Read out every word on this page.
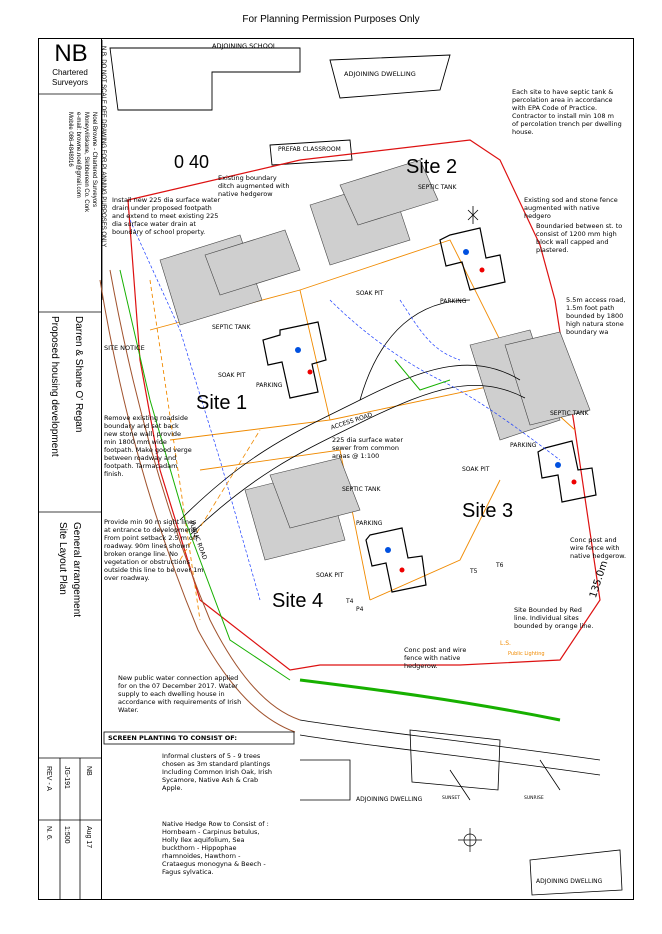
For Planning Permission Purposes Only
NB
Chartered
Surveyors	N.B. DO NOT SCALE OFF DRAWING FOR PLANNING PURPOSES ONLY
Noel Browne - Chartered Surveyors
Moneyviliskane, Skibbereen Co. Cork
e-mail: browne.noel@gmail.com
Mobile 086-4848916
Darren & Shane O' Regan
Proposed housing development
General arrangement
Site Layout Plan
NB
Aug 17
JG-191
1:500
REV - A
N. 6.
ADJOINING SCHOOL
ADJOINING DWELLING
PREFAB CLASSROOM
0 40
Site 1
Site 2
Site 3
Site 4
SEPTIC TANK
SEPTIC TANK
SEPTIC TANK
SEPTIC TANK
SOAK PIT
SOAK PIT
SOAK PIT
SOAK PIT
PARKING
PARKING
PARKING
PARKING
ACCESS ROAD
PUBLIC ROAD
SITE NOTICE
ADJOINING DWELLING
ADJOINING DWELLING
SUNSET	SUNRISE
135.0m
L.S.
T6
T5
T4
P4
Existing boundary ditch augmented with native hedgerow
Install new 225 dia surface water drain under proposed footpath and extend to meet existing 225 dia surface water drain at boundary of school property.
Each site to have septic tank & percolation area in accordance with EPA Code of Practice. Contractor to install min 108 m of percolation trench per dwelling house.
Existing sod and stone fence augmented with native hedgero
Boundaried between st. to consist of 1200 mm high block wall capped and plastered.
5.5m access road, 1.5m foot path bounded by 1800 high natura stone boundary wa
Remove existing roadside boundary and set back new stone wall, provide min 1800 mm wide footpath. Make good verge between roadway and footpath. Tarmacadam finish.
225 dia surface water sewer from common areas @ 1:100
Provide min 90 m sight lines at entrance to development. From point setback 2.5 m off roadway. 90m lines shown broken orange line. No vegetation or obstructions outside this line to be over 1m over roadway.
Conc post and wire fence with native hedgerow.
Conc post and wire fence with native hedgerow.
Site Bounded by Red line. Individual sites bounded by orange line.
Public Lighting
New public water connection applied for on the 07 December 2017. Water supply to each dwelling house in accordance with requirements of Irish Water.
SCREEN PLANTING TO CONSIST OF:
Informal clusters of 5 - 9 trees chosen as 3m standard plantings Including Common Irish Oak, Irish Sycamore, Native Ash & Crab Apple.
Native Hedge Row to Consist of : Hornbeam - Carpinus betulus, Holly Ilex aquifolium, Sea buckthorn - Hippophae rhamnoides, Hawthorn - Crataegus monogyna & Beech - Fagus sylvatica.
